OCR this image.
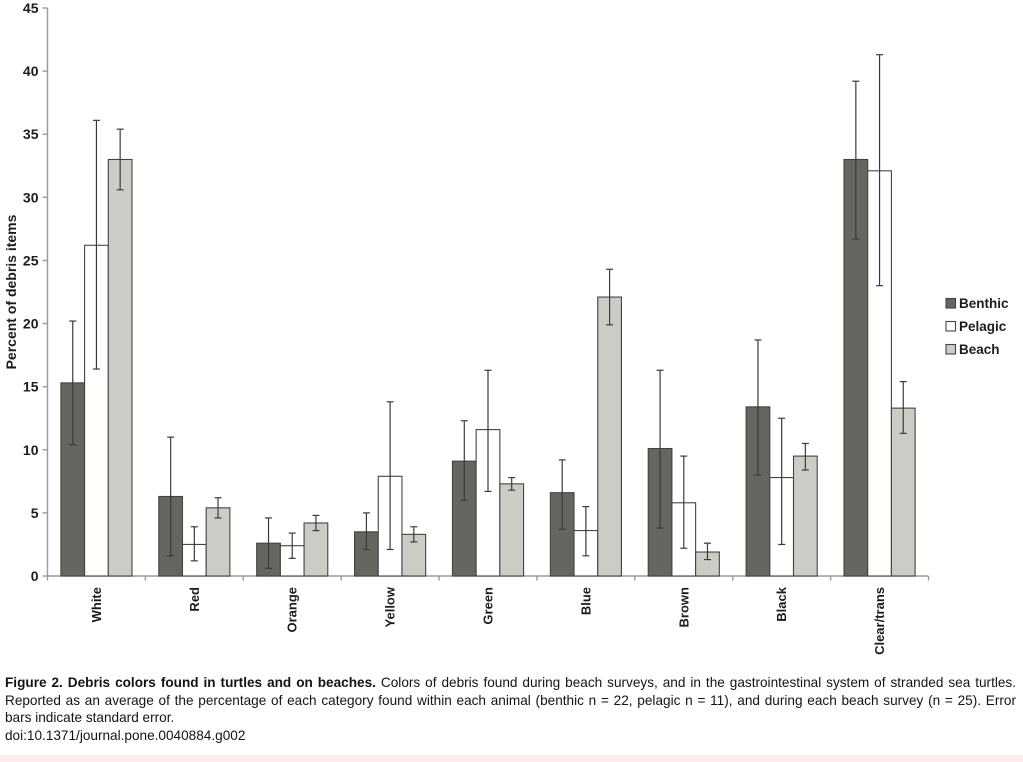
0
5
10
15
20
25
30
35
40
45
White	Red	Orange	Yellow	Green	Blue	Brown	Black	Clear/trans
Percent of debris items	Benthic
Pelagic
Beach
Figure 2. Debris colors found in turtles and on beaches. Colors of debris found during beach surveys, and in the gastrointestinal system of stranded sea turtles. Reported as an average of the percentage of each category found within each animal (benthic n = 22, pelagic n = 11), and during each beach survey (n = 25). Error bars indicate standard error.
doi:10.1371/journal.pone.0040884.g002
